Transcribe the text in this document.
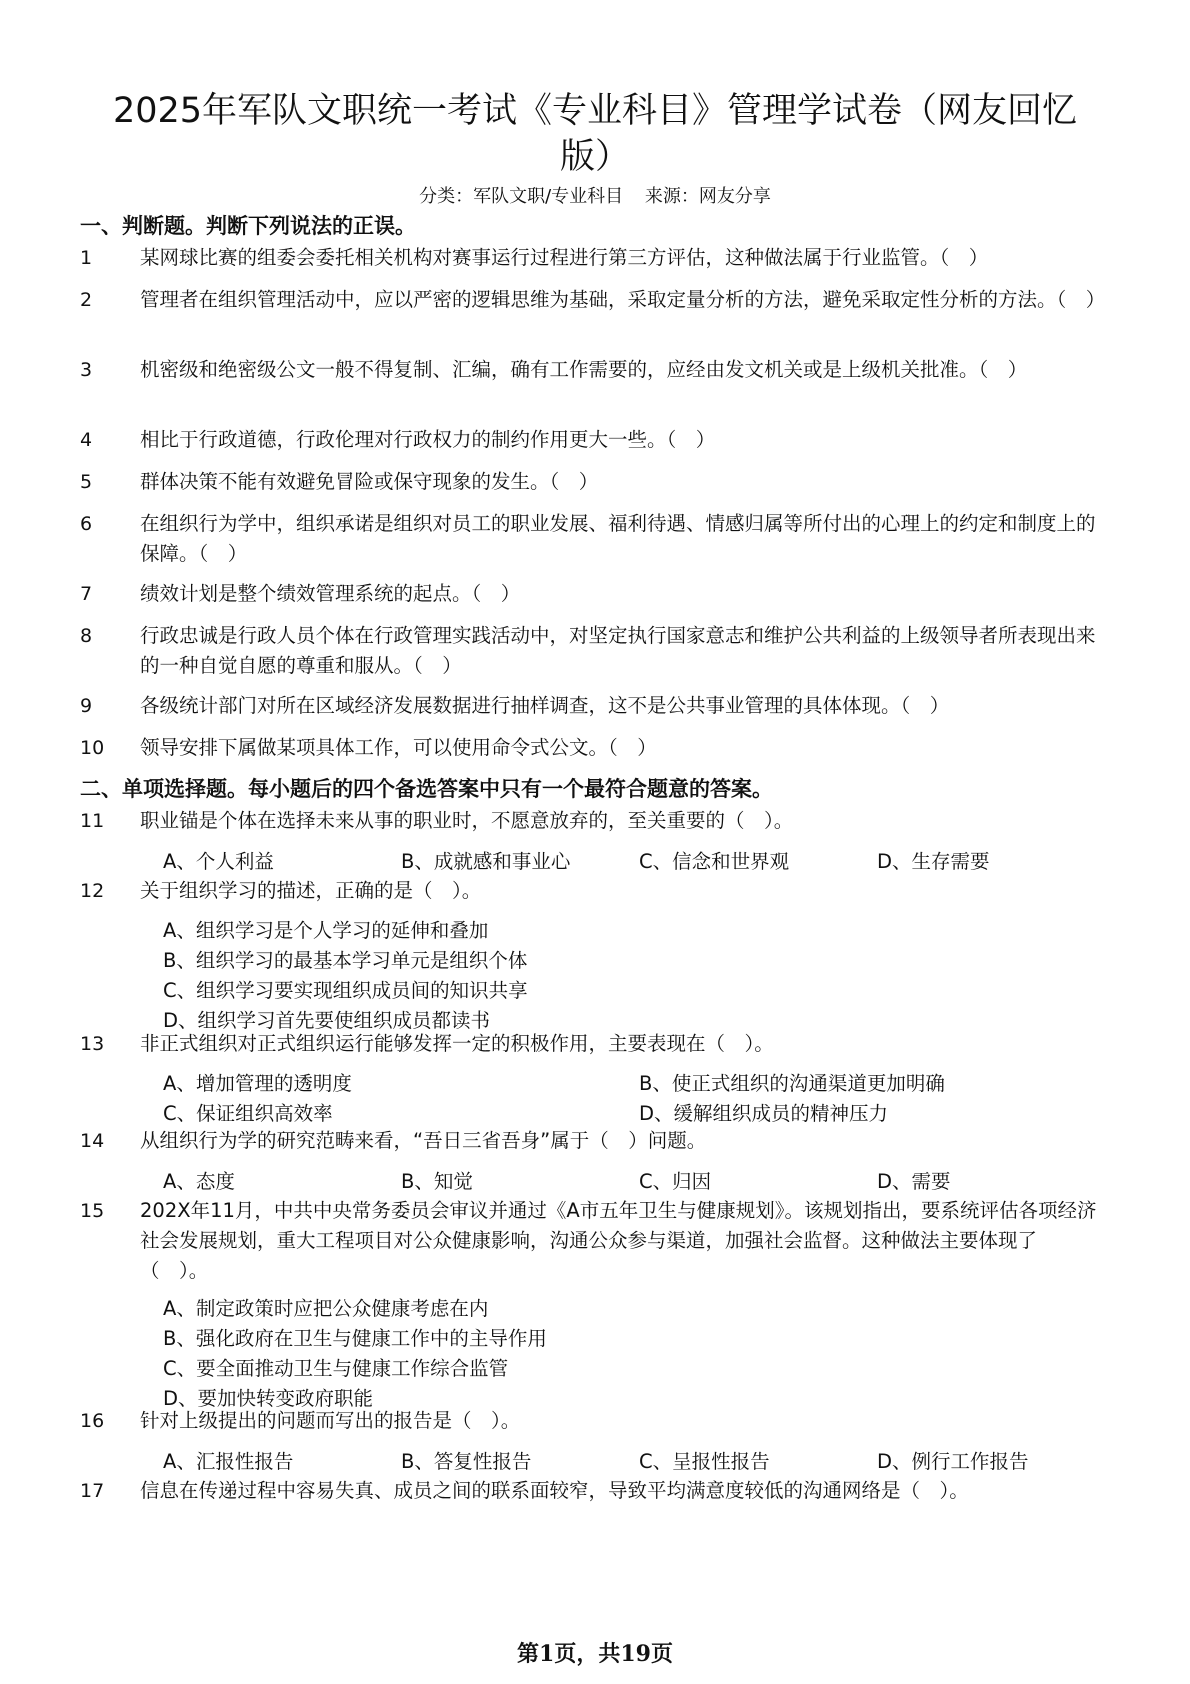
2025年军队文职统一考试《专业科目》管理学试卷（网友回忆版）
分类：军队文职/专业科目 来源：网友分享
一、判断题。判断下列说法的正误。
1 某网球比赛的组委会委托相关机构对赛事运行过程进行第三方评估，这种做法属于行业监管。（　）
2 管理者在组织管理活动中，应以严密的逻辑思维为基础，采取定量分析的方法，避免采取定性分析的方法。（　）
3 机密级和绝密级公文一般不得复制、汇编，确有工作需要的，应经由发文机关或是上级机关批准。（　）
4 相比于行政道德，行政伦理对行政权力的制约作用更大一些。（　）
5 群体决策不能有效避免冒险或保守现象的发生。（　）
6 在组织行为学中，组织承诺是组织对员工的职业发展、福利待遇、情感归属等所付出的心理上的约定和制度上的保障。（　）
7 绩效计划是整个绩效管理系统的起点。（　）
8 行政忠诚是行政人员个体在行政管理实践活动中，对坚定执行国家意志和维护公共利益的上级领导者所表现出来的一种自觉自愿的尊重和服从。（　）
9 各级统计部门对所在区域经济发展数据进行抽样调查，这不是公共事业管理的具体体现。（　）
10 领导安排下属做某项具体工作，可以使用命令式公文。（　）
二、单项选择题。每小题后的四个备选答案中只有一个最符合题意的答案。
11 职业锚是个体在选择未来从事的职业时，不愿意放弃的，至关重要的（　）。
A、个人利益	B、成就感和事业心	C、信念和世界观	D、生存需要
12 关于组织学习的描述，正确的是（　）。
A、组织学习是个人学习的延伸和叠加
B、组织学习的最基本学习单元是组织个体
C、组织学习要实现组织成员间的知识共享
D、组织学习首先要使组织成员都读书
13 非正式组织对正式组织运行能够发挥一定的积极作用，主要表现在（　）。
A、增加管理的透明度	B、使正式组织的沟通渠道更加明确
C、保证组织高效率	D、缓解组织成员的精神压力
14 从组织行为学的研究范畴来看，“吾日三省吾身”属于（　）问题。
A、态度	B、知觉	C、归因	D、需要
15 202X年11月，中共中央常务委员会审议并通过《A市五年卫生与健康规划》。该规划指出，要系统评估各项经济社会发展规划，重大工程项目对公众健康影响，沟通公众参与渠道，加强社会监督。这种做法主要体现了（　）。
A、制定政策时应把公众健康考虑在内
B、强化政府在卫生与健康工作中的主导作用
C、要全面推动卫生与健康工作综合监管
D、要加快转变政府职能
16 针对上级提出的问题而写出的报告是（　）。
A、汇报性报告	B、答复性报告	C、呈报性报告	D、例行工作报告
17 信息在传递过程中容易失真、成员之间的联系面较窄，导致平均满意度较低的沟通网络是（　）。
第1页，共19页
